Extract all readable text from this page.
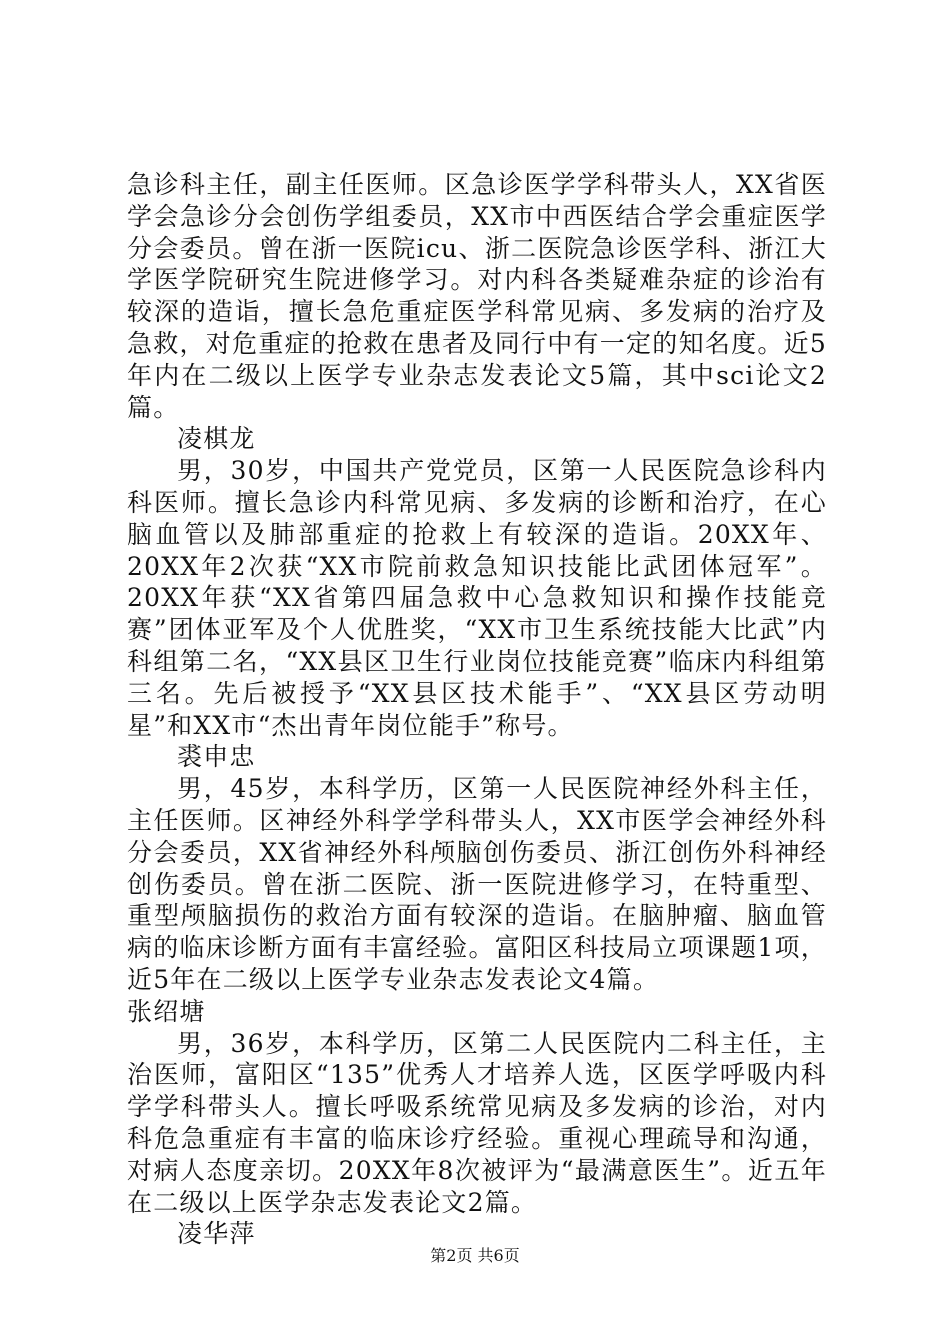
急诊科主任，副主任医师。区急诊医学学科带头人，XX省医学会急诊分会创伤学组委员，XX市中西医结合学会重症医学分会委员。曾在浙一医院icu、浙二医院急诊医学科、浙江大学医学院研究生院进修学习。对内科各类疑难杂症的诊治有较深的造诣，擅长急危重症医学科常见病、多发病的治疗及急救，对危重症的抢救在患者及同行中有一定的知名度。近5年内在二级以上医学专业杂志发表论文5篇，其中sci论文2篇。

凌棋龙

男，30岁，中国共产党党员，区第一人民医院急诊科内科医师。擅长急诊内科常见病、多发病的诊断和治疗，在心脑血管以及肺部重症的抢救上有较深的造诣。20XX年、20XX年2次获“XX市院前救急知识技能比武团体冠军”。20XX年获“XX省第四届急救中心急救知识和操作技能竞赛”团体亚军及个人优胜奖，“XX市卫生系统技能大比武”内科组第二名，“XX县区卫生行业岗位技能竞赛”临床内科组第三名。先后被授予“XX县区技术能手”、“XX县区劳动明星”和XX市“杰出青年岗位能手”称号。

裘申忠

男，45岁，本科学历，区第一人民医院神经外科主任，主任医师。区神经外科学学科带头人，XX市医学会神经外科分会委员，XX省神经外科颅脑创伤委员、浙江创伤外科神经创伤委员。曾在浙二医院、浙一医院进修学习，在特重型、重型颅脑损伤的救治方面有较深的造诣。在脑肿瘤、脑血管病的临床诊断方面有丰富经验。富阳区科技局立项课题1项，近5年在二级以上医学专业杂志发表论文4篇。

张绍塘

男，36岁，本科学历，区第二人民医院内二科主任，主治医师，富阳区“135”优秀人才培养人选，区医学呼吸内科学学科带头人。擅长呼吸系统常见病及多发病的诊治，对内科危急重症有丰富的临床诊疗经验。重视心理疏导和沟通，对病人态度亲切。20XX年8次被评为“最满意医生”。近五年在二级以上医学杂志发表论文2篇。

凌华萍

第2页 共6页
